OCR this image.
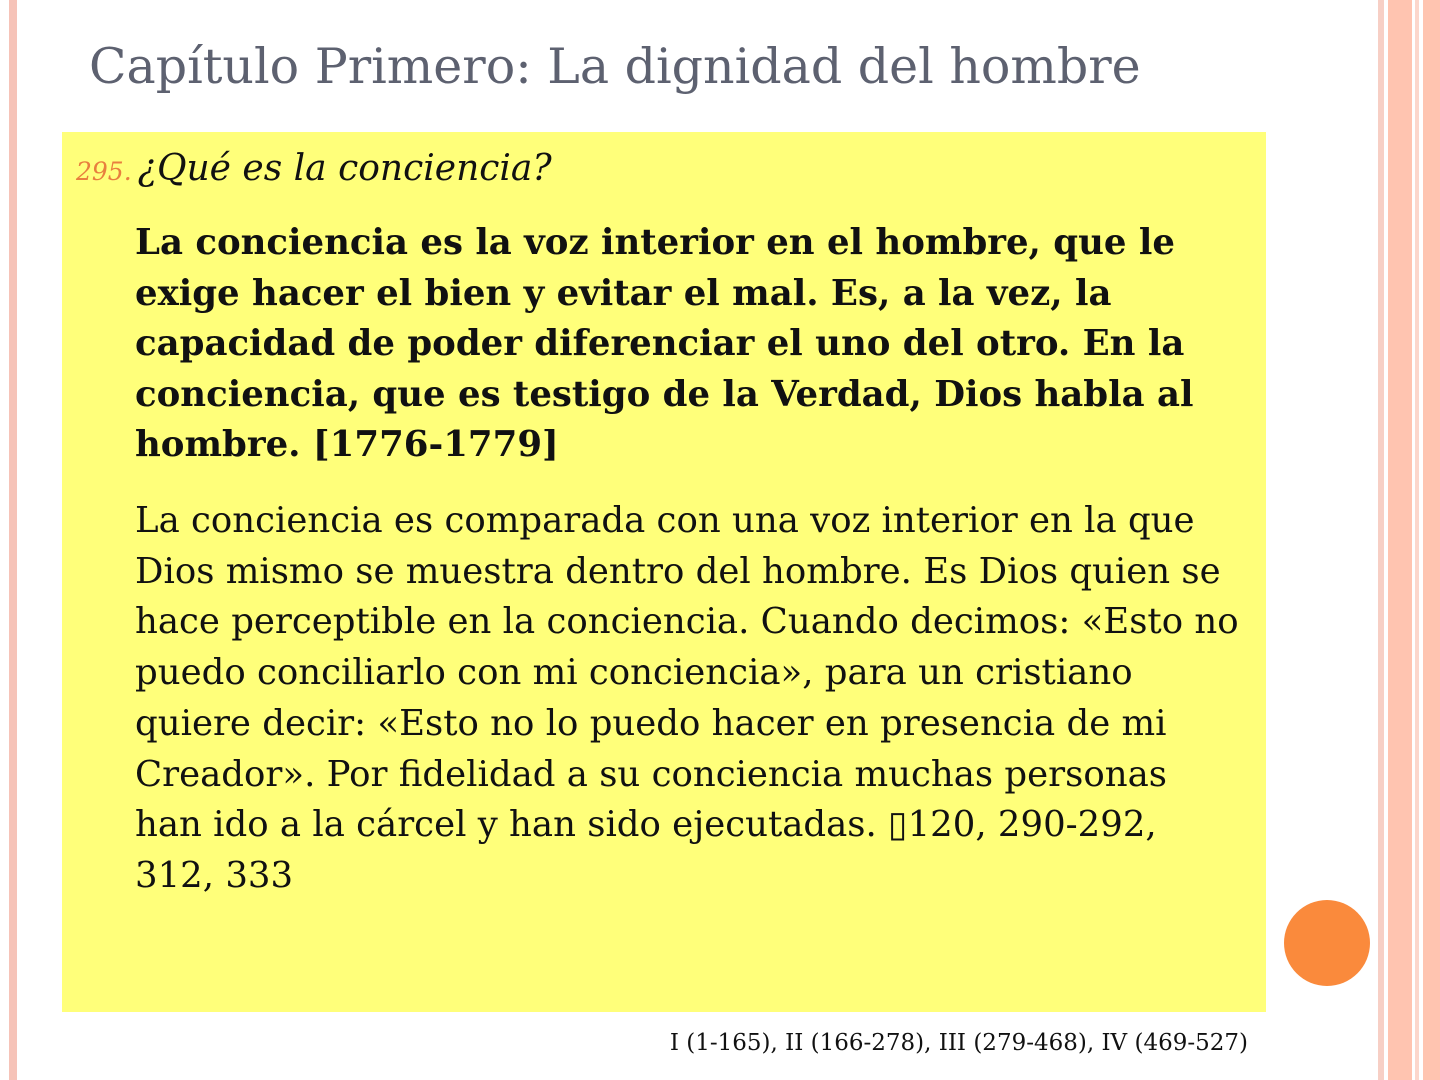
Capítulo Primero: La dignidad del hombre
295. ¿Qué es la conciencia?

La conciencia es la voz interior en el hombre, que le exige hacer el bien y evitar el mal. Es, a la vez, la capacidad de poder diferenciar el uno del otro. En la conciencia, que es testigo de la Verdad, Dios habla al hombre. [1776-1779]

La conciencia es comparada con una voz interior en la que Dios mismo se muestra dentro del hombre. Es Dios quien se hace perceptible en la conciencia. Cuando decimos: «Esto no puedo conciliarlo con mi conciencia», para un cristiano quiere decir: «Esto no lo puedo hacer en presencia de mi Creador». Por fidelidad a su conciencia muchas personas han ido a la cárcel y han sido ejecutadas. ▯120, 290-292, 312, 333

I (1-165), II (166-278), III (279-468), IV (469-527)
